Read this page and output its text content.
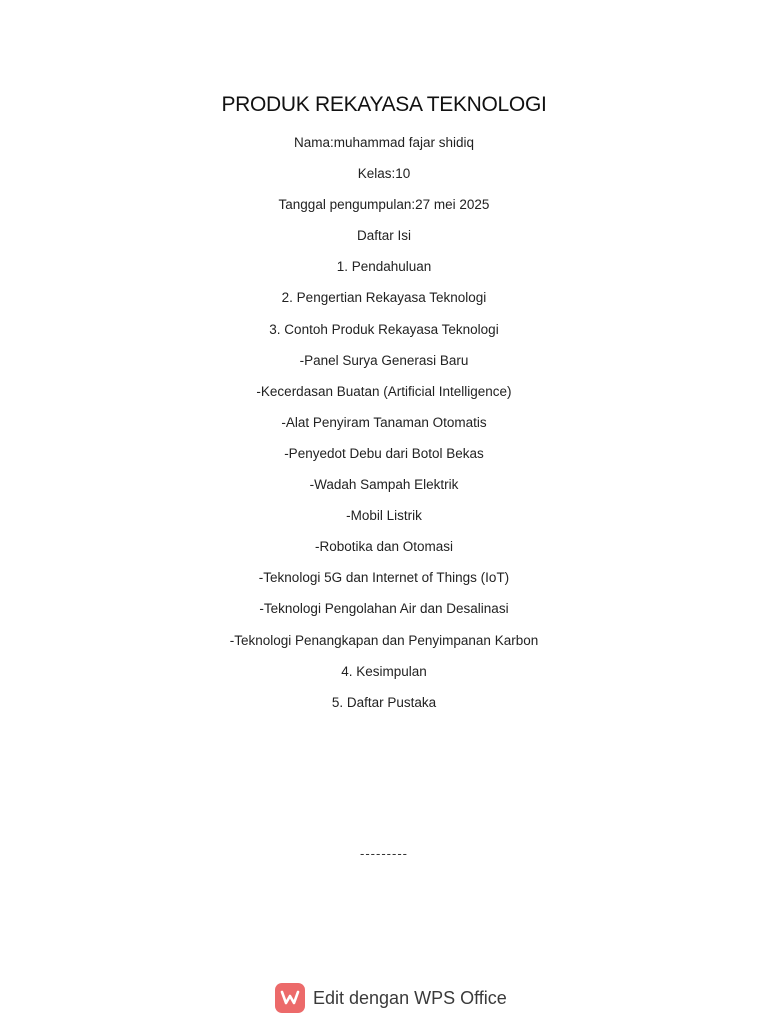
PRODUK REKAYASA TEKNOLOGI
Nama:muhammad fajar shidiq
Kelas:10
Tanggal pengumpulan:27 mei 2025
Daftar Isi
1. Pendahuluan
2. Pengertian Rekayasa Teknologi
3. Contoh Produk Rekayasa Teknologi
-Panel Surya Generasi Baru
-Kecerdasan Buatan (Artificial Intelligence)
-Alat Penyiram Tanaman Otomatis
-Penyedot Debu dari Botol Bekas
-Wadah Sampah Elektrik
-Mobil Listrik
-Robotika dan Otomasi
-Teknologi 5G dan Internet of Things (IoT)
-Teknologi Pengolahan Air dan Desalinasi
-Teknologi Penangkapan dan Penyimpanan Karbon
4. Kesimpulan
5. Daftar Pustaka
---------
Edit dengan WPS Office
